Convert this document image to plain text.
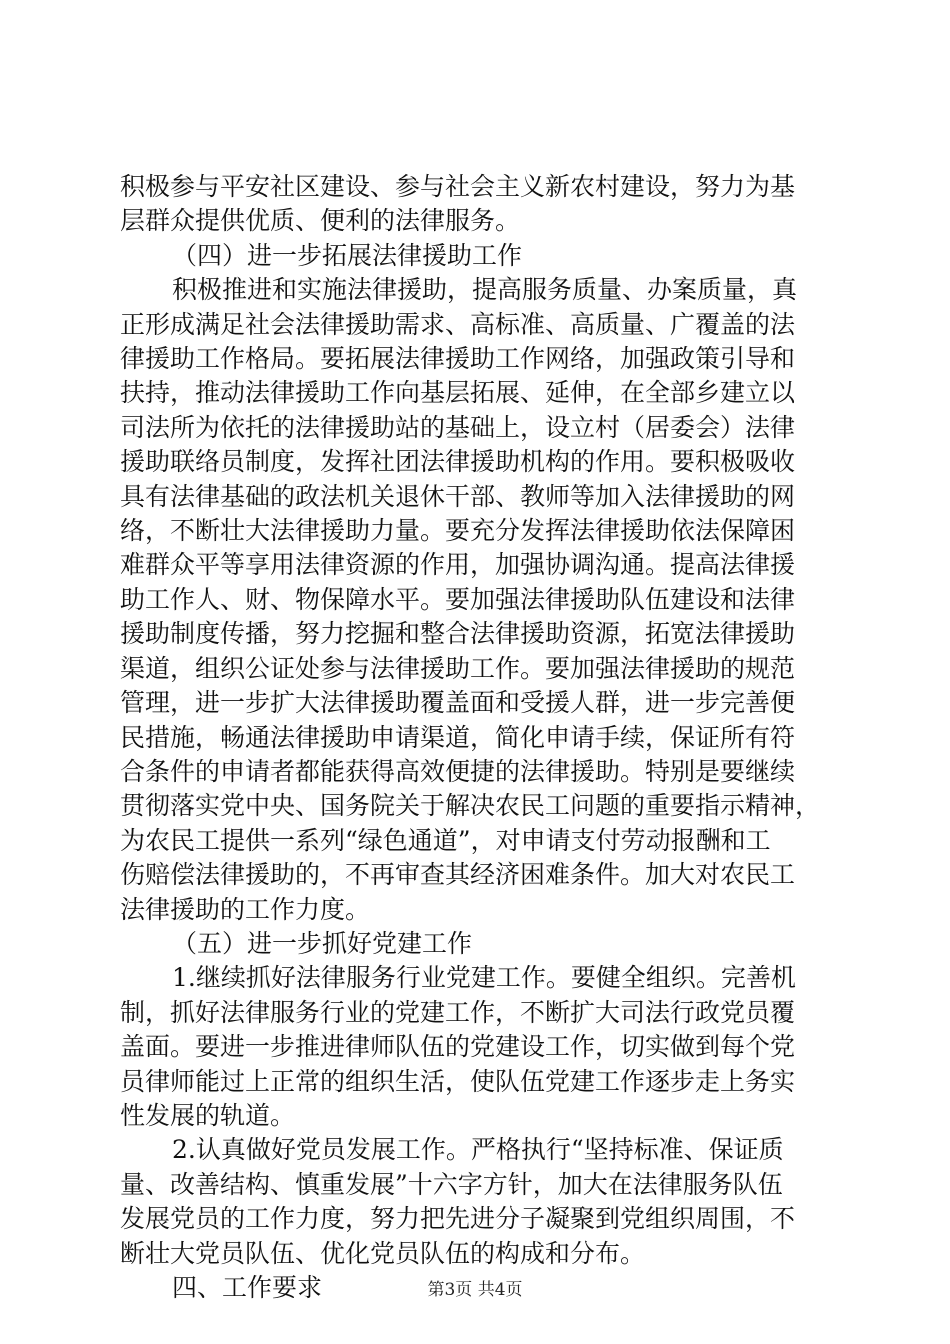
积极参与平安社区建设、参与社会主义新农村建设，努力为基
层群众提供优质、便利的法律服务。

（四）进一步拓展法律援助工作

积极推进和实施法律援助，提高服务质量、办案质量，真
正形成满足社会法律援助需求、高标准、高质量、广覆盖的法
律援助工作格局。要拓展法律援助工作网络，加强政策引导和
扶持，推动法律援助工作向基层拓展、延伸，在全部乡建立以
司法所为依托的法律援助站的基础上，设立村（居委会）法律
援助联络员制度，发挥社团法律援助机构的作用。要积极吸收
具有法律基础的政法机关退休干部、教师等加入法律援助的网
络，不断壮大法律援助力量。要充分发挥法律援助依法保障困
难群众平等享用法律资源的作用，加强协调沟通。提高法律援
助工作人、财、物保障水平。要加强法律援助队伍建设和法律
援助制度传播，努力挖掘和整合法律援助资源，拓宽法律援助
渠道，组织公证处参与法律援助工作。要加强法律援助的规范
管理，进一步扩大法律援助覆盖面和受援人群，进一步完善便
民措施，畅通法律援助申请渠道，简化申请手续，保证所有符
合条件的申请者都能获得高效便捷的法律援助。特别是要继续
贯彻落实党中央、国务院关于解决农民工问题的重要指示精神，
为农民工提供一系列“绿色通道”，对申请支付劳动报酬和工
伤赔偿法律援助的，不再审查其经济困难条件。加大对农民工
法律援助的工作力度。

（五）进一步抓好党建工作

1.继续抓好法律服务行业党建工作。要健全组织。完善机
制，抓好法律服务行业的党建工作，不断扩大司法行政党员覆
盖面。要进一步推进律师队伍的党建设工作，切实做到每个党
员律师能过上正常的组织生活，使队伍党建工作逐步走上务实
性发展的轨道。

2.认真做好党员发展工作。严格执行“坚持标准、保证质
量、改善结构、慎重发展”十六字方针，加大在法律服务队伍
发展党员的工作力度，努力把先进分子凝聚到党组织周围，不
断壮大党员队伍、优化党员队伍的构成和分布。

四、工作要求	第3页 共4页
